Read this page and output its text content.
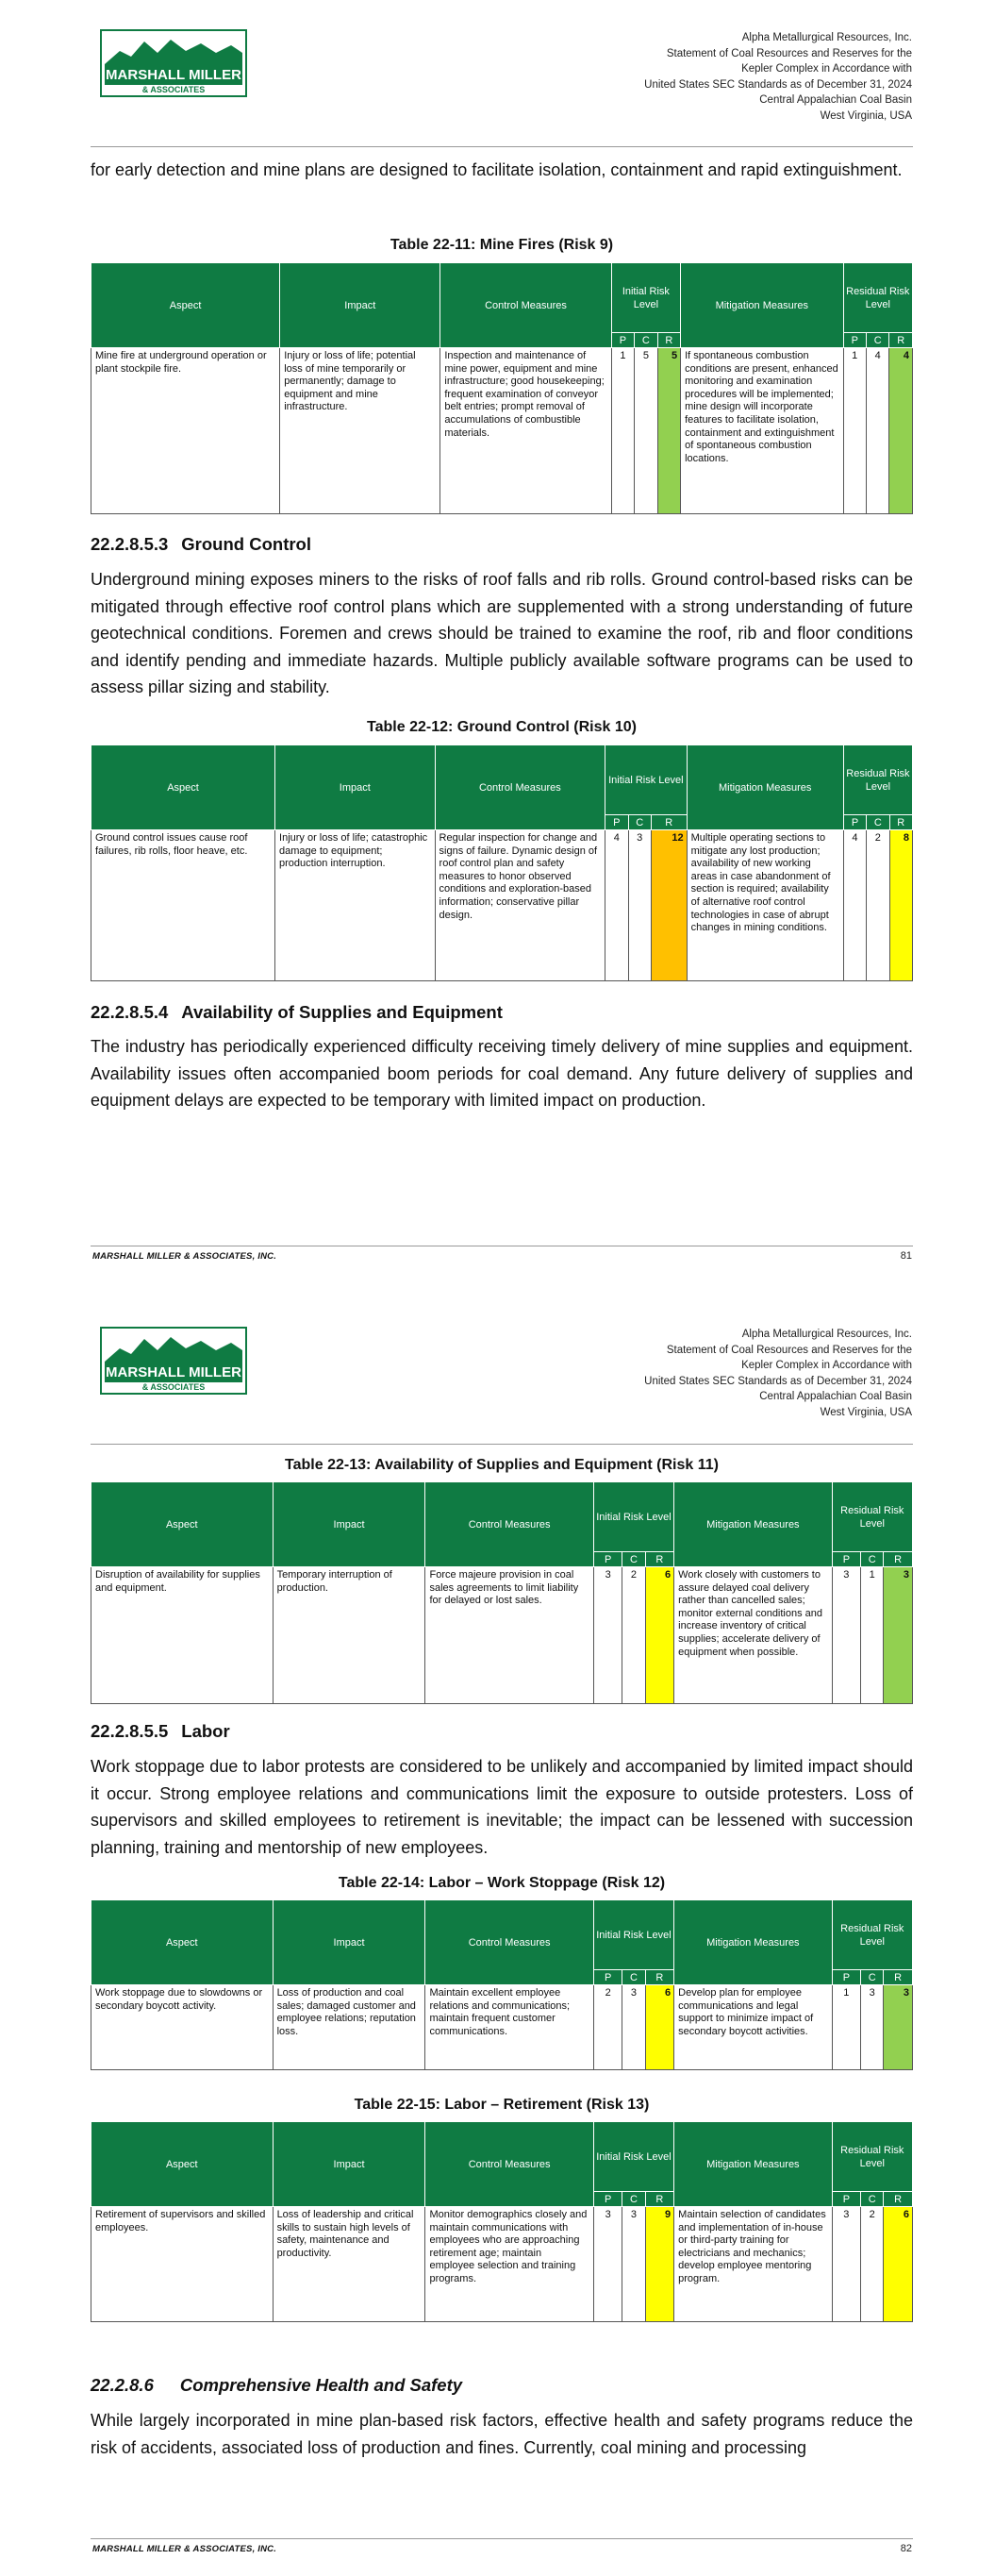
MARSHALL MILLER
& ASSOCIATES
Alpha Metallurgical Resources, Inc.
Statement of Coal Resources and Reserves for the
Kepler Complex in Accordance with
United States SEC Standards as of December 31, 2024
Central Appalachian Coal Basin
West Virginia, USA
for early detection and mine plans are designed to facilitate isolation, containment and rapid extinguishment.
Table 22-11: Mine Fires (Risk 9)
Aspect	Impact	Control Measures	Initial Risk Level			Mitigation Measures	Residual Risk Level		
			P	C	R		P	C	R
Mine fire at underground operation or plant stockpile fire.	Injury or loss of life; potential loss of mine temporarily or permanently; damage to equipment and mine infrastructure.	Inspection and maintenance of mine power, equipment and mine infrastructure; good housekeeping; frequent examination of conveyor belt entries; prompt removal of accumulations of combustible materials.	1	5	5	If spontaneous combustion conditions are present, enhanced monitoring and examination procedures will be implemented; mine design will incorporate features to facilitate isolation, containment and extinguishment of spontaneous combustion locations.	1	4	4
22.2.8.5.3 Ground Control
Underground mining exposes miners to the risks of roof falls and rib rolls. Ground control-based risks can be mitigated through effective roof control plans which are supplemented with a strong understanding of future geotechnical conditions. Foremen and crews should be trained to examine the roof, rib and floor conditions and identify pending and immediate hazards. Multiple publicly available software programs can be used to assess pillar sizing and stability.
Table 22-12: Ground Control (Risk 10)
Aspect	Impact	Control Measures	Initial Risk Level			Mitigation Measures	Residual Risk Level		
			P	C	R		P	C	R
Ground control issues cause roof failures, rib rolls, floor heave, etc.	Injury or loss of life; catastrophic damage to equipment; production interruption.	Regular inspection for change and signs of failure. Dynamic design of roof control plan and safety measures to honor observed conditions and exploration-based information; conservative pillar design.	4	3	12	Multiple operating sections to mitigate any lost production; availability of new working areas in case abandonment of section is required; availability of alternative roof control technologies in case of abrupt changes in mining conditions.	4	2	8
22.2.8.5.4 Availability of Supplies and Equipment
The industry has periodically experienced difficulty receiving timely delivery of mine supplies and equipment. Availability issues often accompanied boom periods for coal demand. Any future delivery of supplies and equipment delays are expected to be temporary with limited impact on production.
MARSHALL MILLER & ASSOCIATES, INC.	81
MARSHALL MILLER
& ASSOCIATES
Alpha Metallurgical Resources, Inc.
Statement of Coal Resources and Reserves for the
Kepler Complex in Accordance with
United States SEC Standards as of December 31, 2024
Central Appalachian Coal Basin
West Virginia, USA
Table 22-13: Availability of Supplies and Equipment (Risk 11)
Aspect	Impact	Control Measures	Initial Risk Level			Mitigation Measures	Residual Risk Level		
			P	C	R		P	C	R
Disruption of availability for supplies and equipment.	Temporary interruption of production.	Force majeure provision in coal sales agreements to limit liability for delayed or lost sales.	3	2	6	Work closely with customers to assure delayed coal delivery rather than cancelled sales; monitor external conditions and increase inventory of critical supplies; accelerate delivery of equipment when possible.	3	1	3
22.2.8.5.5 Labor
Work stoppage due to labor protests are considered to be unlikely and accompanied by limited impact should it occur. Strong employee relations and communications limit the exposure to outside protesters. Loss of supervisors and skilled employees to retirement is inevitable; the impact can be lessened with succession planning, training and mentorship of new employees.
Table 22-14: Labor – Work Stoppage (Risk 12)
Aspect	Impact	Control Measures	Initial Risk Level			Mitigation Measures	Residual Risk Level		
			P	C	R		P	C	R
Work stoppage due to slowdowns or secondary boycott activity.	Loss of production and coal sales; damaged customer and employee relations; reputation loss.	Maintain excellent employee relations and communications; maintain frequent customer communications.	2	3	6	Develop plan for employee communications and legal support to minimize impact of secondary boycott activities.	1	3	3
Table 22-15: Labor – Retirement (Risk 13)
Aspect	Impact	Control Measures	Initial Risk Level			Mitigation Measures	Residual Risk Level		
			P	C	R		P	C	R
Retirement of supervisors and skilled employees.	Loss of leadership and critical skills to sustain high levels of safety, maintenance and productivity.	Monitor demographics closely and maintain communications with employees who are approaching retirement age; maintain employee selection and training programs.	3	3	9	Maintain selection of candidates and implementation of in-house or third-party training for electricians and mechanics; develop employee mentoring program.	3	2	6
22.2.8.6 Comprehensive Health and Safety
While largely incorporated in mine plan-based risk factors, effective health and safety programs reduce the risk of accidents, associated loss of production and fines. Currently, coal mining and processing
MARSHALL MILLER & ASSOCIATES, INC.	82
